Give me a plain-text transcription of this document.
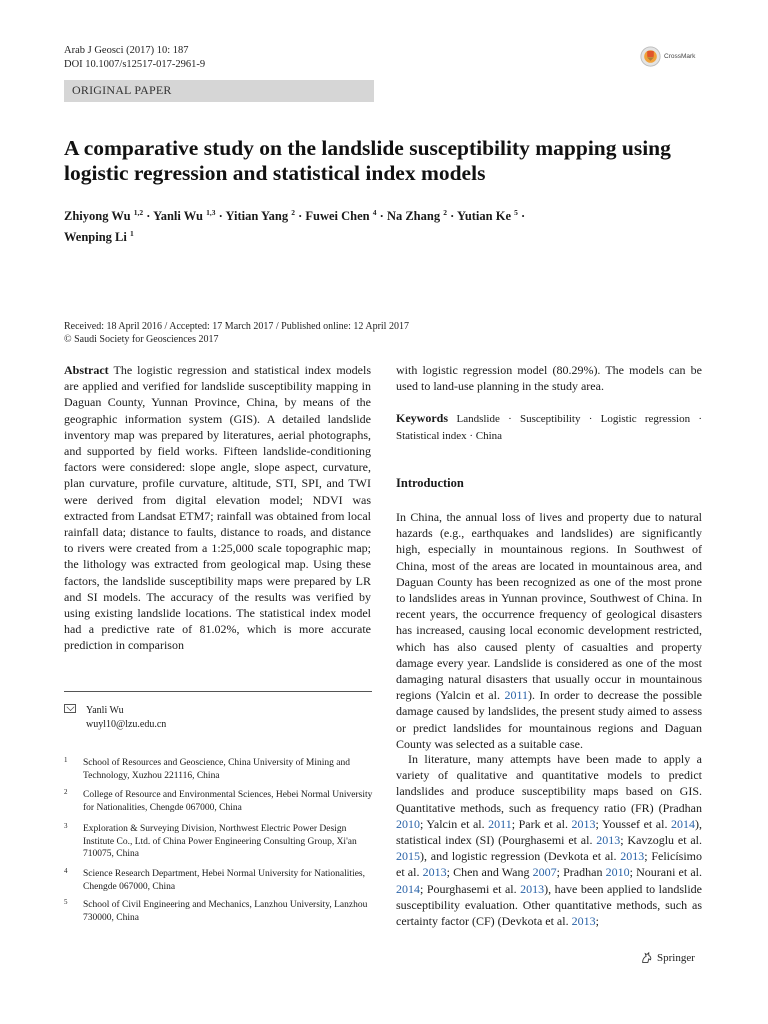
Arab J Geosci (2017) 10: 187
DOI 10.1007/s12517-017-2961-9
CrossMark
ORIGINAL PAPER
A comparative study on the landslide susceptibility mapping using
logistic regression and statistical index models
Zhiyong Wu $^{1,2}$ · Yanli Wu $^{1,3}$ · Yitian Yang $^2$ · Fuwei Chen $^4$ · Na Zhang $^2$ · Yutian Ke $^5$ ·
Wenping Li $^1$
Received: 18 April 2016 / Accepted: 17 March 2017 / Published online: 12 April 2017
© Saudi Society for Geosciences 2017
Abstract The logistic regression and statistical index models are applied and verified for landslide susceptibility mapping in Daguan County, Yunnan Province, China, by means of the geographic information system (GIS). A detailed landslide inventory map was prepared by literatures, aerial photographs, and supported by field works. Fifteen landslide-conditioning factors were considered: slope angle, slope aspect, curvature, plan curvature, profile curvature, altitude, STI, SPI, and TWI were derived from digital elevation model; NDVI was extracted from Landsat ETM7; rainfall was obtained from local rainfall data; distance to faults, distance to roads, and distance to rivers were created from a 1:25,000 scale topographic map; the lithology was extracted from geological map. Using these factors, the landslide susceptibility maps were prepared by LR and SI models. The accuracy of the results was verified by using existing landslide locations. The statistical index model had a predictive rate of 81.02%, which is more accurate prediction in comparison
Yanli Wu
wuyl10@lzu.edu.cn
1 School of Resources and Geoscience, China University of Mining and Technology, Xuzhou 221116, China
2 College of Resource and Environmental Sciences, Hebei Normal University for Nationalities, Chengde 067000, China
3 Exploration & Surveying Division, Northwest Electric Power Design Institute Co., Ltd. of China Power Engineering Consulting Group, Xi'an 710075, China
4 Science Research Department, Hebei Normal University for Nationalities, Chengde 067000, China
5 School of Civil Engineering and Mechanics, Lanzhou University, Lanzhou 730000, China
with logistic regression model (80.29%). The models can be used to land-use planning in the study area.
Keywords Landslide · Susceptibility · Logistic regression · Statistical index · China
Introduction
In China, the annual loss of lives and property due to natural hazards (e.g., earthquakes and landslides) are significantly high, especially in mountainous regions. In Southwest of China, most of the areas are located in mountainous area, and Daguan County has been recognized as one of the most prone to landslides areas in Yunnan province, Southwest of China. In recent years, the occurrence frequency of geological disasters has increased, causing local economic development restricted, which has also caused plenty of casualties and property damage every year. Landslide is considered as one of the most damaging natural disasters that usually occur in mountainous regions (Yalcin et al. 2011). In order to decrease the possible damage caused by landslides, the present study aimed to assess or predict landslides for mountainous regions and Daguan County was selected as a suitable case.
In literature, many attempts have been made to apply a variety of qualitative and quantitative models to predict landslides and produce susceptibility maps based on GIS. Quantitative methods, such as frequency ratio (FR) (Pradhan 2010; Yalcin et al. 2011; Park et al. 2013; Youssef et al. 2014), statistical index (SI) (Pourghasemi et al. 2013; Kavzoglu et al. 2015), and logistic regression (Devkota et al. 2013; Felicísimo et al. 2013; Chen and Wang 2007; Pradhan 2010; Nourani et al. 2014; Pourghasemi et al. 2013), have been applied to landslide susceptibility evaluation. Other quantitative methods, such as certainty factor (CF) (Devkota et al. 2013;
Springer
